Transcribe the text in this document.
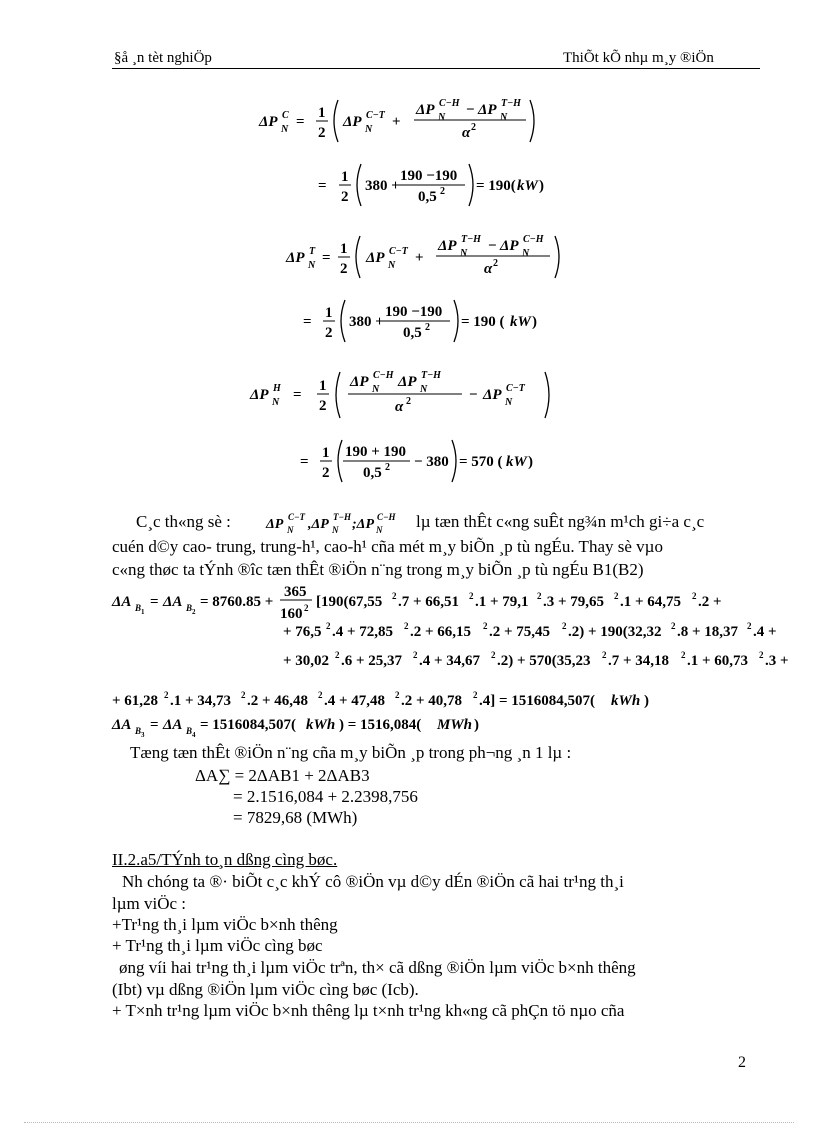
§å ¸n tèt nghiÖp	ThiÕt kÕ nhµ m¸y ®iÖn
ΔP C
N =
1
2
ΔP C−T
N +
ΔP C−H
N − ΔP T−H
N
α 2
=
1
2
380 +
190 −190
0,5 2 = 190( kW )
ΔP T
N =
1
2
ΔP C−T
N +
ΔP T−H
N − ΔP C−H
N
α 2
=
1
2
380 +
190 −190
0,5 2 = 190 ( kW )
ΔP H
N =
1
2
ΔP C−H
N ΔP T−H
N
α 2	− ΔP C−T
N
=
1
2
190 + 190
0,5 2 − 380 = 570 ( kW )
C¸c th«ng sè :	ΔP C−T
N ,ΔP T−H
N ;ΔP C−H
N lµ tæn thÊt c«ng suÊt ng¾n m¹ch gi÷a c¸c
cuén d©y cao- trung, trung-h¹, cao-h¹ cña mét m¸y biÕn ¸p tù ngÉu. Thay sè vµo
c«ng thøc ta tÝnh ®îc tæn thÊt ®iÖn n¨ng trong m¸y biÕn ¸p tù ngÉu B1(B2)
ΔA B 1
= ΔA B 2
= 8760.85 +
365
160 2 [190(67,55 2 .7 + 66,51 2 .1 + 79,1 2 .3 + 79,65 2 .1 + 64,75 2 .2 +
+ 76,5 2 .4 + 72,85 2 .2 + 66,15 2 .2 + 75,45 2 .2) + 190(32,32 2 .8 + 18,37 2 .4 +
+ 30,02 2 .6 + 25,37 2 .4 + 34,67 2 .2) + 570(35,23 2 .7 + 34,18 2 .1 + 60,73 2 .3 +
+ 61,28 2 .1 + 34,73 2 .2 + 46,48 2 .4 + 47,48 2 .2 + 40,78 2 .4] = 1516084,507( kWh )
ΔA B 3
= ΔA B 4
= 1516084,507( kWh ) = 1516,084( MWh )
Tæng tæn thÊt ®iÖn n¨ng cña m¸y biÕn ¸p trong ph¬ng ¸n 1 lµ :
ΔA∑ = 2ΔAB1 + 2ΔAB3
= 2.1516,084 + 2.2398,756
= 7829,68 (MWh)
II.2.a5/TÝnh to¸n dßng cìng bøc.
Nh chóng ta ®· biÕt c¸c khÝ cô ®iÖn vµ d©y dÉn ®iÖn cã hai tr¹ng th¸i
lµm viÖc :
+Tr¹ng th¸i lµm viÖc b×nh thêng
+ Tr¹ng th¸i lµm viÖc cìng bøc
øng víi hai tr¹ng th¸i lµm viÖc trªn, th× cã dßng ®iÖn lµm viÖc b×nh thêng
(Ibt) vµ dßng ®iÖn lµm viÖc cìng bøc (Icb).
+ T×nh tr¹ng lµm viÖc b×nh thêng lµ t×nh tr¹ng kh«ng cã phÇn tö nµo cña
2
